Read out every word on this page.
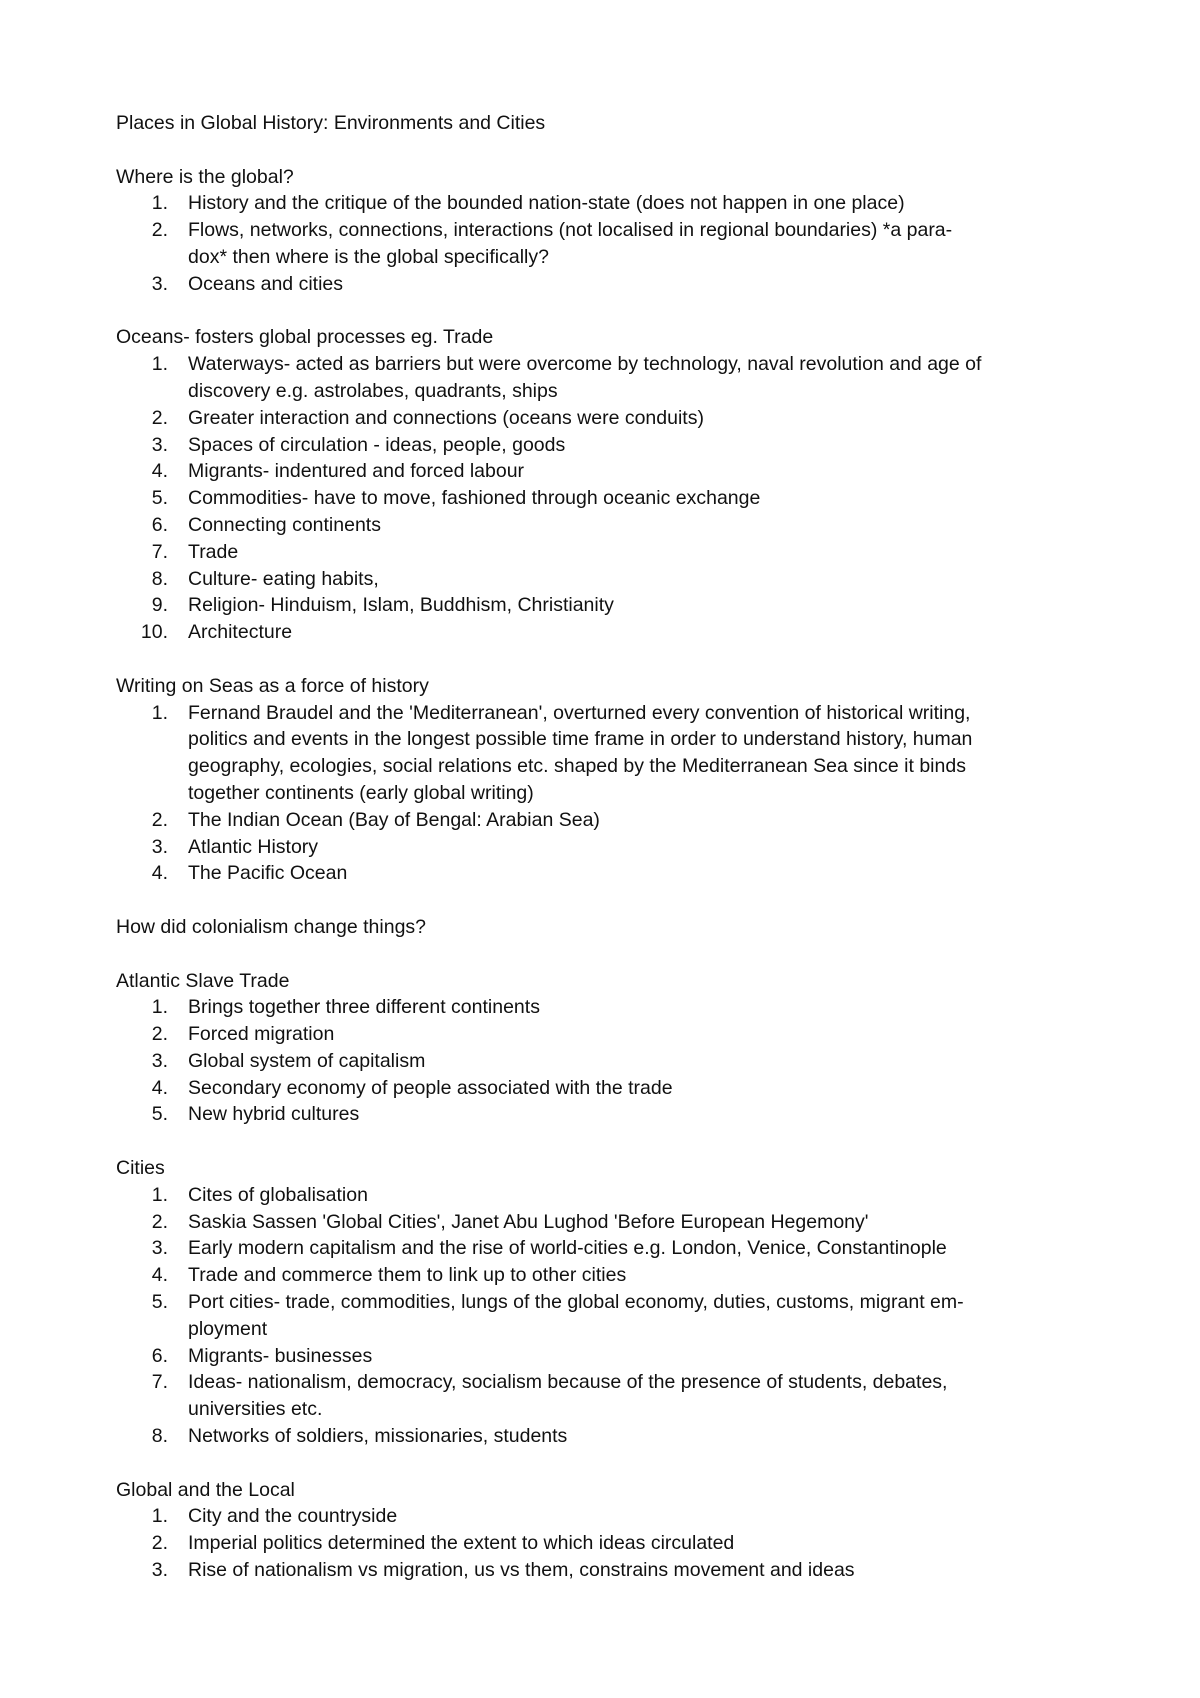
Places in Global History: Environments and Cities
Where is the global?
1.	History and the critique of the bounded nation-state (does not happen in one place)
2.	Flows, networks, connections, interactions (not localised in regional boundaries) *a para-
dox* then where is the global specifically?
3.	Oceans and cities
Oceans- fosters global processes eg. Trade
1.	Waterways- acted as barriers but were overcome by technology, naval revolution and age of
discovery e.g. astrolabes, quadrants, ships
2.	Greater interaction and connections (oceans were conduits)
3.	Spaces of circulation - ideas, people, goods
4.	Migrants- indentured and forced labour
5.	Commodities- have to move, fashioned through oceanic exchange
6.	Connecting continents
7.	Trade
8.	Culture- eating habits,
9.	Religion- Hinduism, Islam, Buddhism, Christianity
10.	Architecture
Writing on Seas as a force of history
1.	Fernand Braudel and the 'Mediterranean', overturned every convention of historical writing,
politics and events in the longest possible time frame in order to understand history, human
geography, ecologies, social relations etc. shaped by the Mediterranean Sea since it binds
together continents (early global writing)
2.	The Indian Ocean (Bay of Bengal: Arabian Sea)
3.	Atlantic History
4.	The Pacific Ocean
How did colonialism change things?
Atlantic Slave Trade
1.	Brings together three different continents
2.	Forced migration
3.	Global system of capitalism
4.	Secondary economy of people associated with the trade
5.	New hybrid cultures
Cities
1.	Cites of globalisation
2.	Saskia Sassen 'Global Cities', Janet Abu Lughod 'Before European Hegemony'
3.	Early modern capitalism and the rise of world-cities e.g. London, Venice, Constantinople
4.	Trade and commerce them to link up to other cities
5.	Port cities- trade, commodities, lungs of the global economy, duties, customs, migrant em-
ployment
6.	Migrants- businesses
7.	Ideas- nationalism, democracy, socialism because of the presence of students, debates,
universities etc.
8.	Networks of soldiers, missionaries, students
Global and the Local
1.	City and the countryside
2.	Imperial politics determined the extent to which ideas circulated
3.	Rise of nationalism vs migration, us vs them, constrains movement and ideas
